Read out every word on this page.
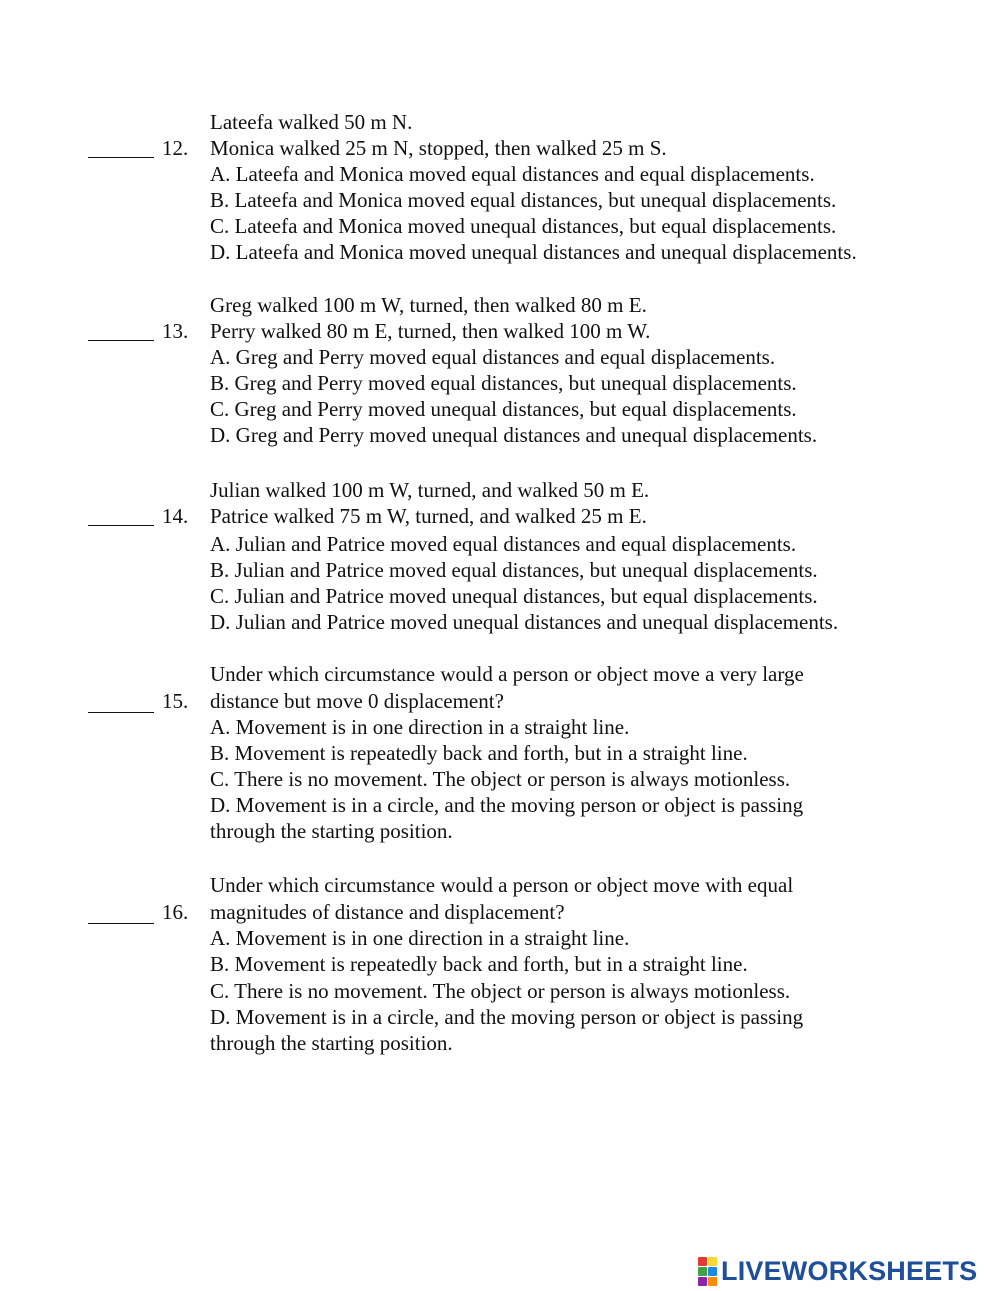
Lateefa walked 50 m N.
12. Monica walked 25 m N, stopped, then walked 25 m S.
A. Lateefa and Monica moved equal distances and equal displacements.
B. Lateefa and Monica moved equal distances, but unequal displacements.
C. Lateefa and Monica moved unequal distances, but equal displacements.
D. Lateefa and Monica moved unequal distances and unequal displacements.
Greg walked 100 m W, turned, then walked 80 m E.
13. Perry walked 80 m E, turned, then walked 100 m W.
A. Greg and Perry moved equal distances and equal displacements.
B. Greg and Perry moved equal distances, but unequal displacements.
C. Greg and Perry moved unequal distances, but equal displacements.
D. Greg and Perry moved unequal distances and unequal displacements.
Julian walked 100 m W, turned, and walked 50 m E.
14. Patrice walked 75 m W, turned, and walked 25 m E.
A. Julian and Patrice moved equal distances and equal displacements.
B. Julian and Patrice moved equal distances, but unequal displacements.
C. Julian and Patrice moved unequal distances, but equal displacements.
D. Julian and Patrice moved unequal distances and unequal displacements.
Under which circumstance would a person or object move a very large
15. distance but move 0 displacement?
A. Movement is in one direction in a straight line.
B. Movement is repeatedly back and forth, but in a straight line.
C. There is no movement. The object or person is always motionless.
D. Movement is in a circle, and the moving person or object is passing
through the starting position.
Under which circumstance would a person or object move with equal
16. magnitudes of distance and displacement?
A. Movement is in one direction in a straight line.
B. Movement is repeatedly back and forth, but in a straight line.
C. There is no movement. The object or person is always motionless.
D. Movement is in a circle, and the moving person or object is passing
through the starting position.
LIVEWORKSHEETS
